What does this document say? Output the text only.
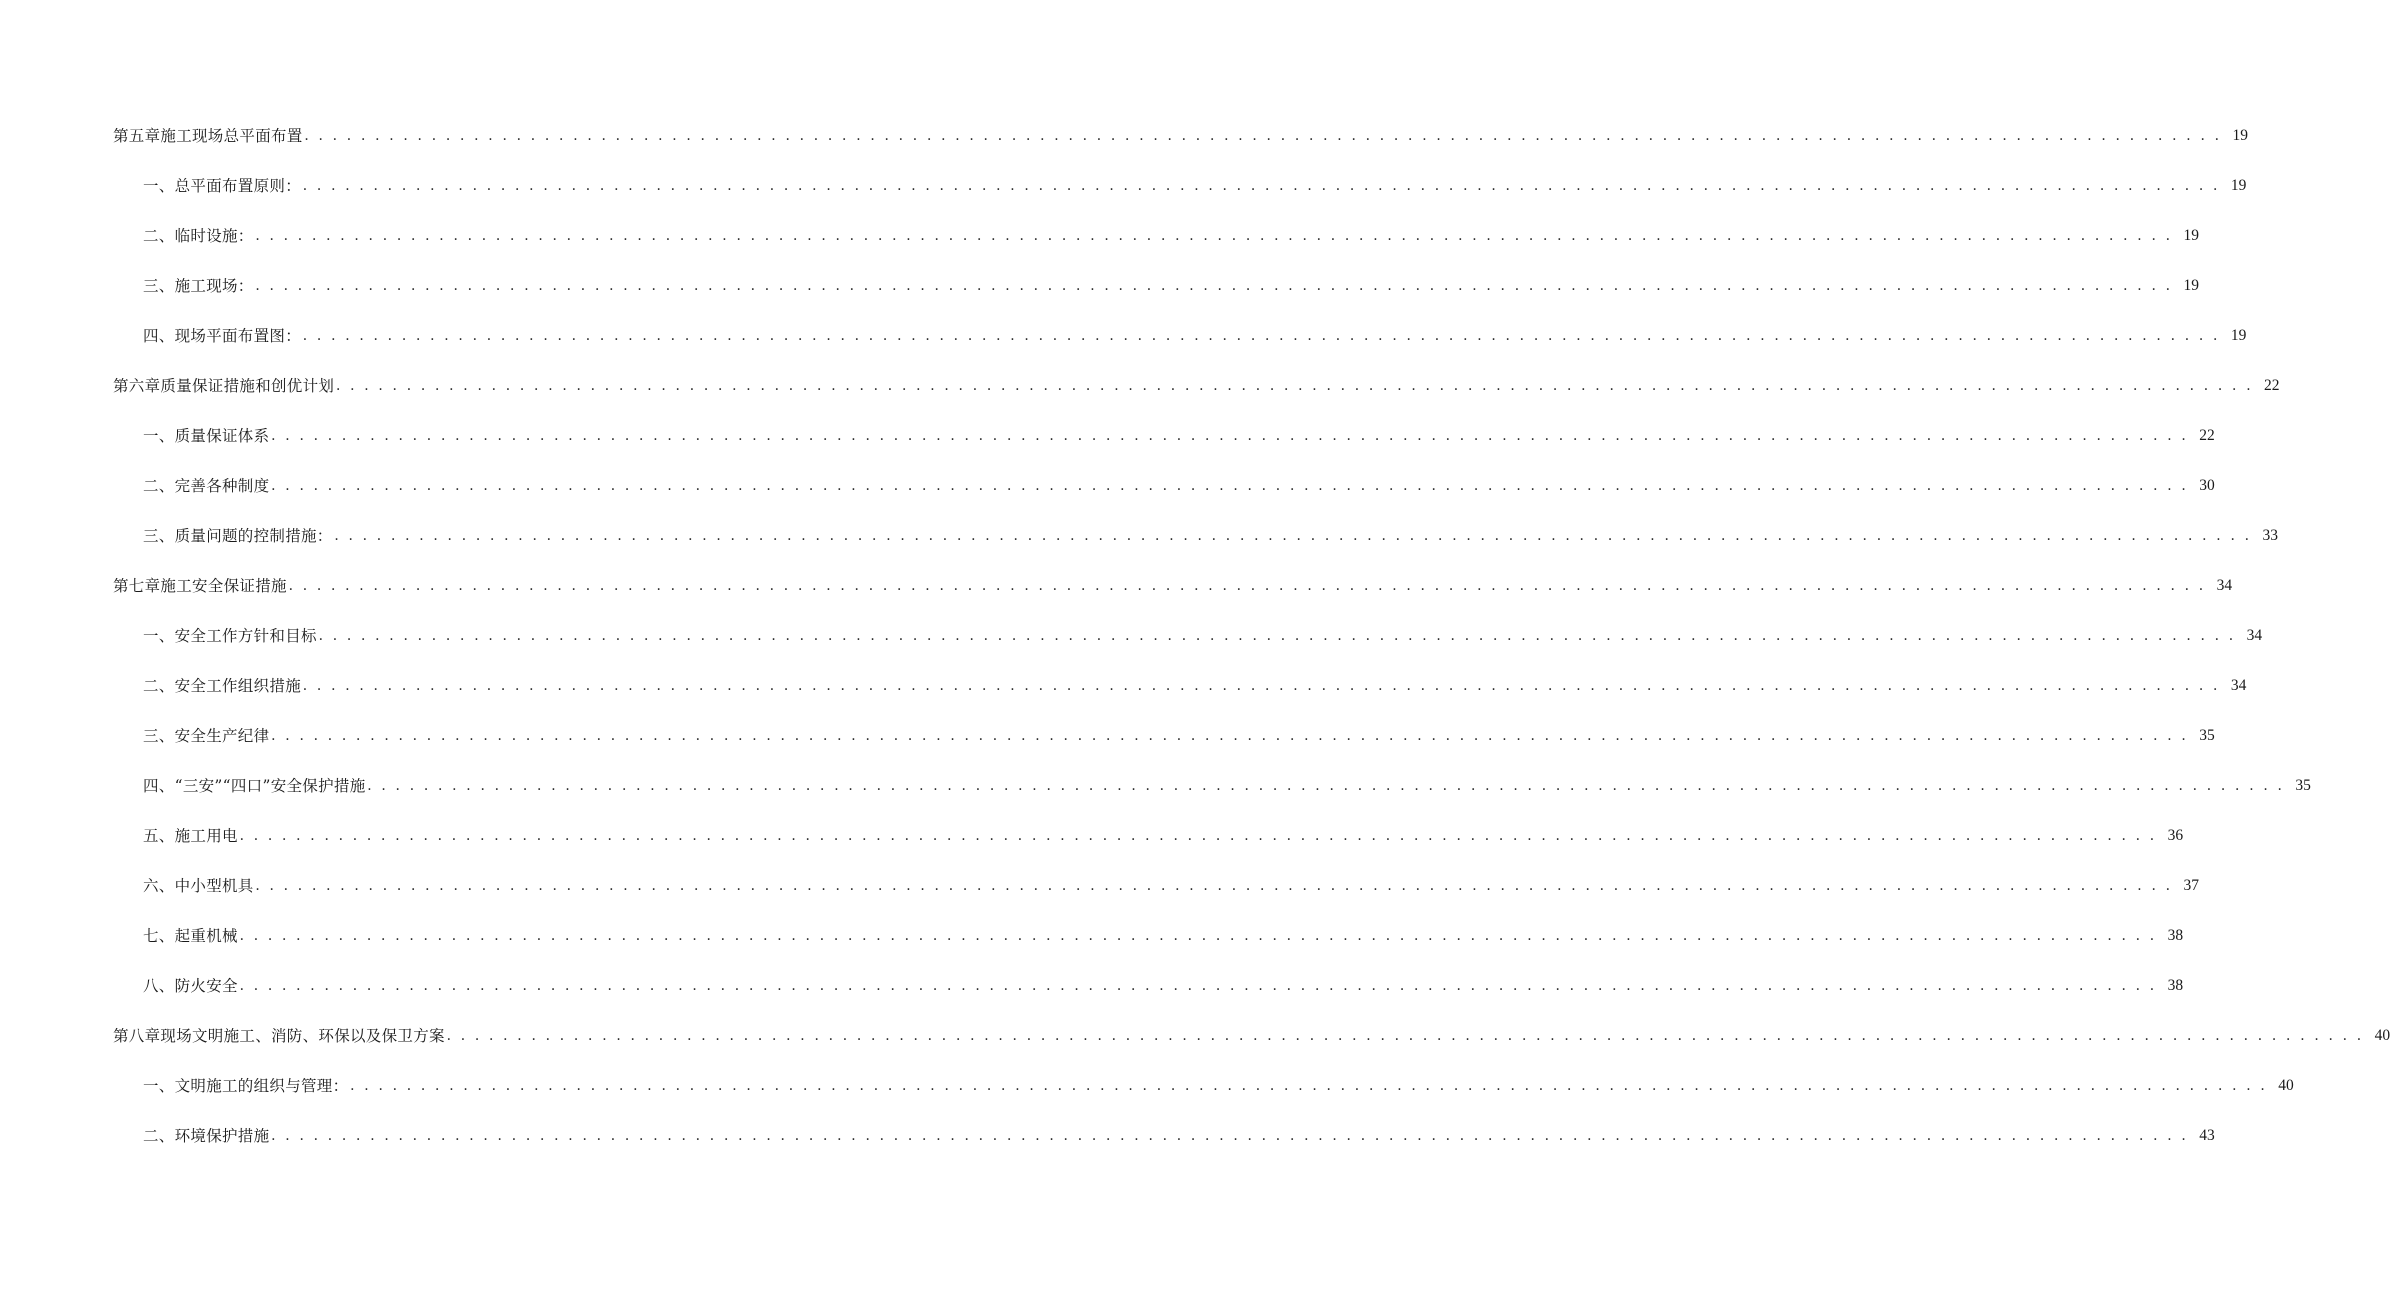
第五章施工现场总平面布置 . . .	19
一、总平面布置原则： . . .	19
二、临时设施： . . .	19
三、施工现场： . . .	19
四、现场平面布置图： . . .	19
第六章质量保证措施和创优计划 . . .	22
一、质量保证体系 . . .	22
二、完善各种制度 . . .	30
三、质量问题的控制措施： . . .	33
第七章施工安全保证措施 . . .	34
一、安全工作方针和目标 . . .	34
二、安全工作组织措施 . . .	34
三、安全生产纪律 . . .	35
四、“三安”“四口”安全保护措施 . . .	35
五、施工用电 . . .	36
六、中小型机具 . . .	37
七、起重机械 . . .	38
八、防火安全 . . .	38
第八章现场文明施工、消防、环保以及保卫方案 . . .	40
一、文明施工的组织与管理： . . .	40
二、环境保护措施 . . .	43
